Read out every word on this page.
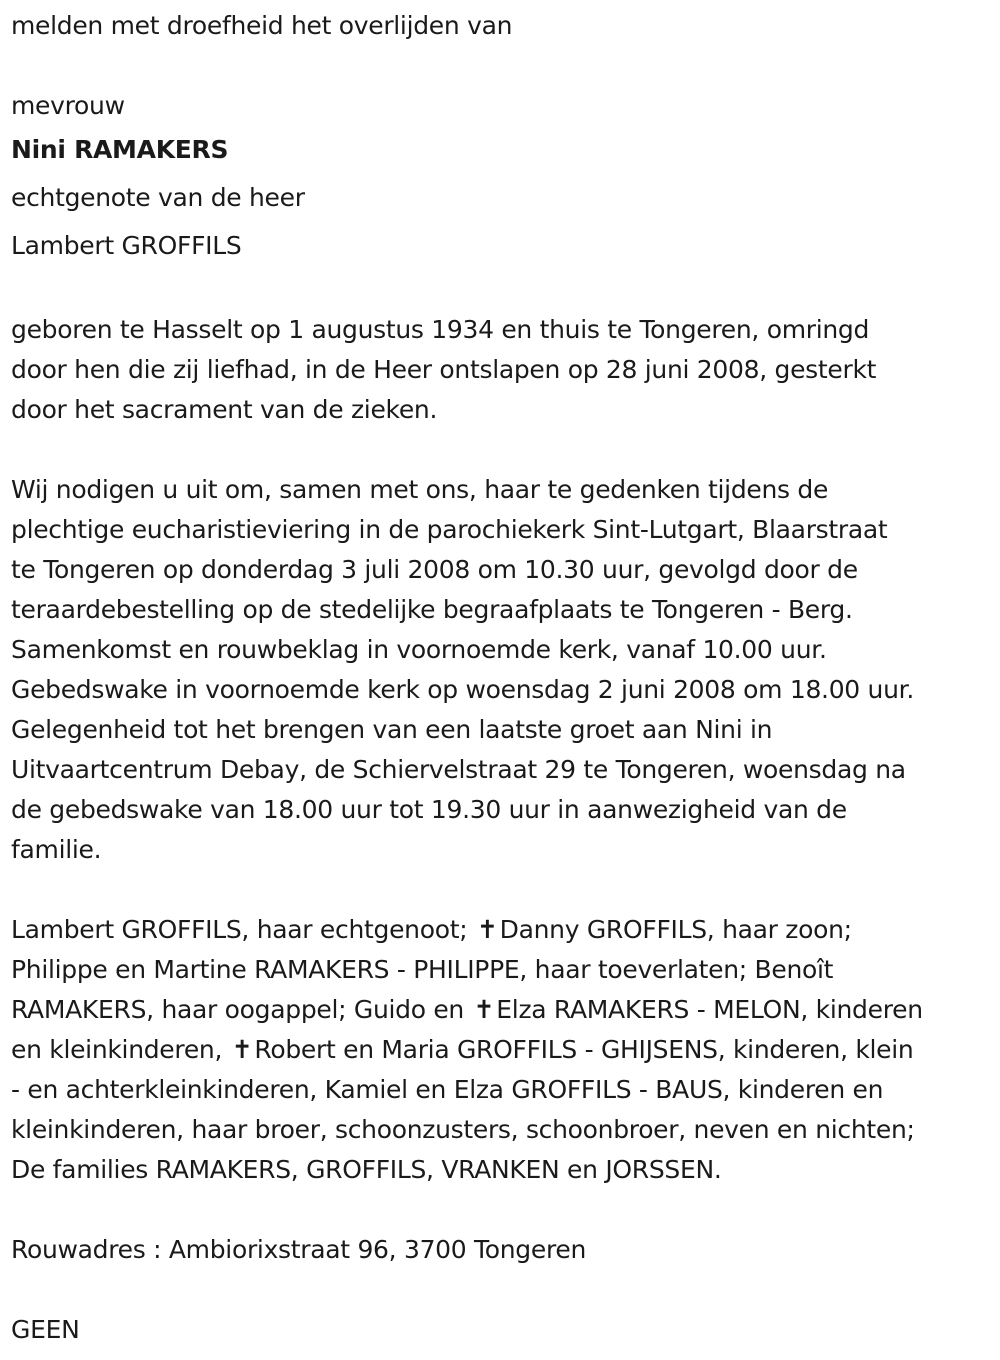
melden met droefheid het overlijden van
mevrouw
Nini RAMAKERS
echtgenote van de heer
Lambert GROFFILS
geboren te Hasselt op 1 augustus 1934 en thuis te Tongeren, omringd
door hen die zij liefhad, in de Heer ontslapen op 28 juni 2008, gesterkt
door het sacrament van de zieken.
Wij nodigen u uit om, samen met ons, haar te gedenken tijdens de
plechtige eucharistieviering in de parochiekerk Sint-Lutgart, Blaarstraat
te Tongeren op donderdag 3 juli 2008 om 10.30 uur, gevolgd door de
teraardebestelling op de stedelijke begraafplaats te Tongeren - Berg.
Samenkomst en rouwbeklag in voornoemde kerk, vanaf 10.00 uur.
Gebedswake in voornoemde kerk op woensdag 2 juni 2008 om 18.00 uur.
Gelegenheid tot het brengen van een laatste groet aan Nini in
Uitvaartcentrum Debay, de Schiervelstraat 29 te Tongeren, woensdag na
de gebedswake van 18.00 uur tot 19.30 uur in aanwezigheid van de
familie.
Lambert GROFFILS, haar echtgenoot; ✝Danny GROFFILS, haar zoon;
Philippe en Martine RAMAKERS - PHILIPPE, haar toeverlaten; Benoît
RAMAKERS, haar oogappel; Guido en ✝Elza RAMAKERS - MELON, kinderen
en kleinkinderen, ✝Robert en Maria GROFFILS - GHIJSENS, kinderen, klein
- en achterkleinkinderen, Kamiel en Elza GROFFILS - BAUS, kinderen en
kleinkinderen, haar broer, schoonzusters, schoonbroer, neven en nichten;
De families RAMAKERS, GROFFILS, VRANKEN en JORSSEN.
Rouwadres : Ambiorixstraat 96, 3700 Tongeren
GEEN
